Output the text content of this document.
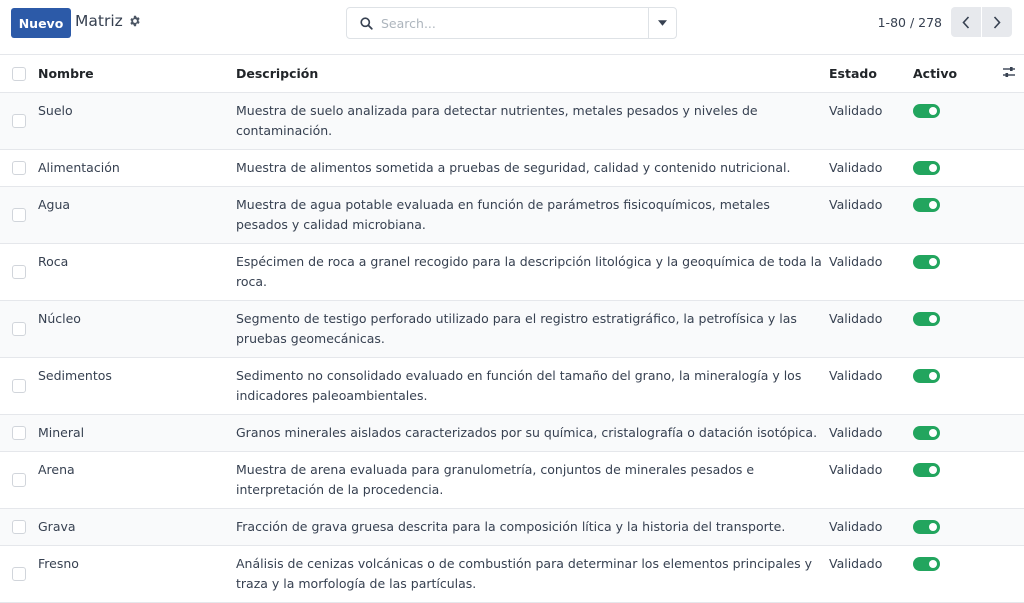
Nuevo Matriz
Search...	1-80 / 278
	Nombre	Descripción	Estado	Activo	

	Suelo	Muestra de suelo analizada para detectar nutrientes, metales pesados y niveles de contaminación.	Validado	

	Alimentación	Muestra de alimentos sometida a pruebas de seguridad, calidad y contenido nutricional.	Validado	

	Agua	Muestra de agua potable evaluada en función de parámetros fisicoquímicos, metales pesados y calidad microbiana.	Validado	

	Roca	Espécimen de roca a granel recogido para la descripción litológica y la geoquímica de toda la roca.	Validado	

	Núcleo	Segmento de testigo perforado utilizado para el registro estratigráfico, la petrofísica y las pruebas geomecánicas.	Validado	

	Sedimentos	Sedimento no consolidado evaluado en función del tamaño del grano, la mineralogía y los indicadores paleoambientales.	Validado	

	Mineral	Granos minerales aislados caracterizados por su química, cristalografía o datación isotópica.	Validado	

	Arena	Muestra de arena evaluada para granulometría, conjuntos de minerales pesados e interpretación de la procedencia.	Validado	

	Grava	Fracción de grava gruesa descrita para la composición lítica y la historia del transporte.	Validado	

	Fresno	Análisis de cenizas volcánicas o de combustión para determinar los elementos principales y traza y la morfología de las partículas.	Validado	
